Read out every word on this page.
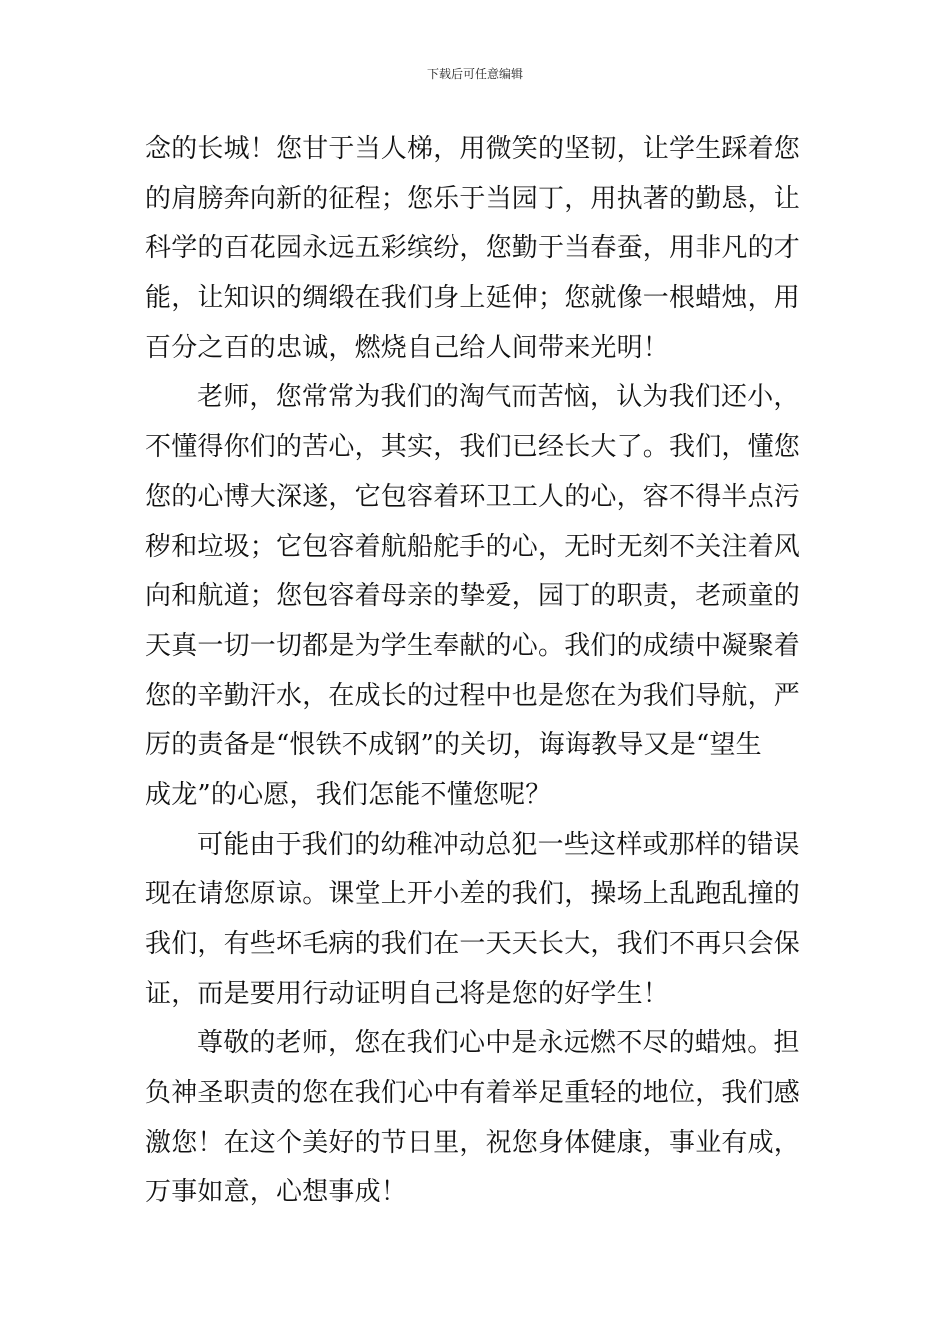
下载后可任意编辑
念的长城！您甘于当人梯，用微笑的坚韧，让学生踩着您
的肩膀奔向新的征程；您乐于当园丁，用执著的勤恳，让
科学的百花园永远五彩缤纷，您勤于当春蚕，用非凡的才
能，让知识的绸缎在我们身上延伸；您就像一根蜡烛，用
百分之百的忠诚，燃烧自己给人间带来光明！
老师，您常常为我们的淘气而苦恼，认为我们还小，
不懂得你们的苦心，其实，我们已经长大了。我们，懂您
您的心博大深遂，它包容着环卫工人的心，容不得半点污
秽和垃圾；它包容着航船舵手的心，无时无刻不关注着风
向和航道；您包容着母亲的挚爱，园丁的职责，老顽童的
天真一切一切都是为学生奉献的心。我们的成绩中凝聚着
您的辛勤汗水，在成长的过程中也是您在为我们导航，严
厉的责备是“恨铁不成钢”的关切，诲诲教导又是“望生
成龙”的心愿，我们怎能不懂您呢？
可能由于我们的幼稚冲动总犯一些这样或那样的错误
现在请您原谅。课堂上开小差的我们，操场上乱跑乱撞的
我们，有些坏毛病的我们在一天天长大，我们不再只会保
证，而是要用行动证明自己将是您的好学生！
尊敬的老师，您在我们心中是永远燃不尽的蜡烛。担
负神圣职责的您在我们心中有着举足重轻的地位，我们感
激您！在这个美好的节日里，祝您身体健康，事业有成，
万事如意，心想事成！
